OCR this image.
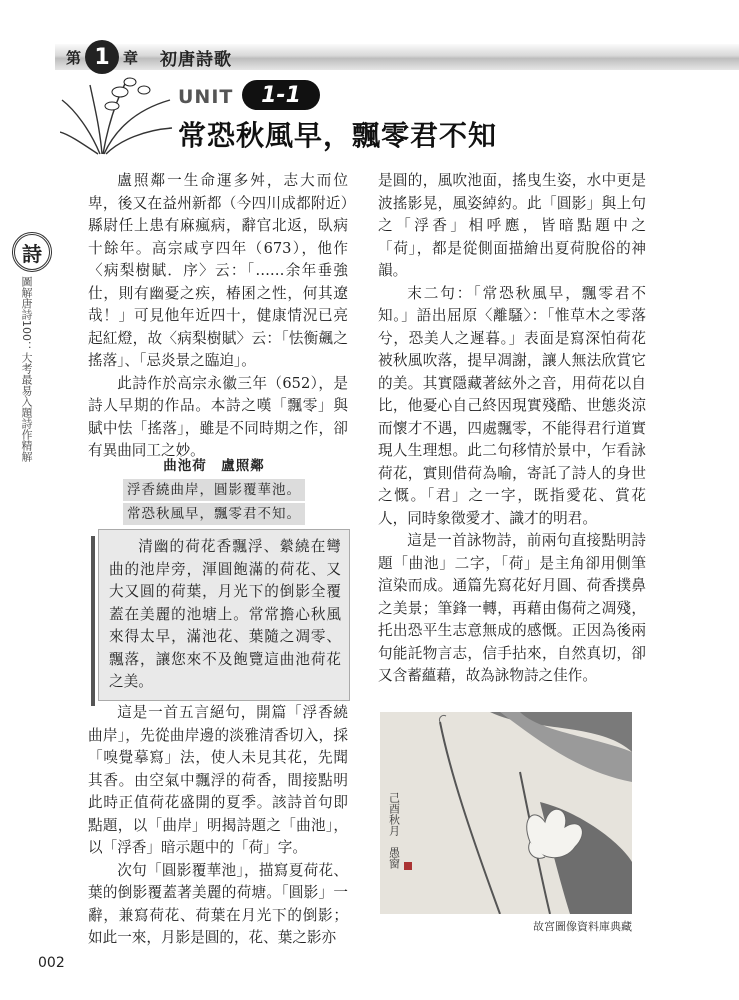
第 1 章 初唐詩歌
UNIT	1-1
常恐秋風早，飄零君不知
詩
圖解唐詩100：大考最易入題詩作精解

盧照鄰一生命運多舛，志大而位卑，後又在益州新都（今四川成都附近）縣尉任上患有麻瘋病，辭官北返，臥病十餘年。高宗咸亨四年（673），他作〈病梨樹賦．序〉云：「……余年垂強仕，則有幽憂之疾，椿囷之性，何其遼哉！」可見他年近四十，健康情況已亮起紅燈，故〈病梨樹賦〉云：「怯衡飆之搖落」、「忌炎景之臨迫」。

此詩作於高宗永徽三年（652），是詩人早期的作品。本詩之嘆「飄零」與賦中怯「搖落」，雖是不同時期之作，卻有異曲同工之妙。

曲池荷　盧照鄰
浮香繞曲岸，圓影覆華池。
常恐秋風早，飄零君不知。
清幽的荷花香飄浮、縈繞在彎曲的池岸旁，渾圓飽滿的荷花、又大又圓的荷葉，月光下的倒影全覆蓋在美麗的池塘上。常常擔心秋風來得太早，滿池花、葉隨之凋零、飄落，讓您來不及飽覽這曲池荷花之美。

這是一首五言絕句，開篇「浮香繞曲岸」，先從曲岸邊的淡雅清香切入，採「嗅覺摹寫」法，使人未見其花，先聞其香。由空氣中飄浮的荷香，間接點明此時正值荷花盛開的夏季。該詩首句即點題，以「曲岸」明揭詩題之「曲池」，以「浮香」暗示題中的「荷」字。

次句「圓影覆華池」，描寫夏荷花、葉的倒影覆蓋著美麗的荷塘。「圓影」一辭，兼寫荷花、荷葉在月光下的倒影；如此一來，月影是圓的，花、葉之影亦

是圓的，風吹池面，搖曳生姿，水中更是波搖影晃，風姿綽約。此「圓影」與上句之「浮香」相呼應，皆暗點題中之「荷」，都是從側面描繪出夏荷脫俗的神韻。

末二句：「常恐秋風早，飄零君不知。」語出屈原〈離騷〉：「惟草木之零落兮，恐美人之遲暮。」表面是寫深怕荷花被秋風吹落，提早凋謝，讓人無法欣賞它的美。其實隱藏著絃外之音，用荷花以自比，他憂心自己終因現實殘酷、世態炎涼而懷才不遇，四處飄零，不能得君行道實現人生理想。此二句移情於景中，乍看詠荷花，實則借荷為喻，寄託了詩人的身世之慨。「君」之一字，既指愛花、賞花人，同時象徵愛才、識才的明君。

這是一首詠物詩，前兩句直接點明詩題「曲池」二字，「荷」是主角卻用側筆渲染而成。通篇先寫花好月圓、荷香撲鼻之美景；筆鋒一轉，再藉由傷荷之凋殘，托出恐平生志意無成的感慨。正因為後兩句能託物言志，信手拈來，自然真切，卻又含蓄蘊藉，故為詠物詩之佳作。

己酉秋月　愚窗
故宮圖像資料庫典藏
002
